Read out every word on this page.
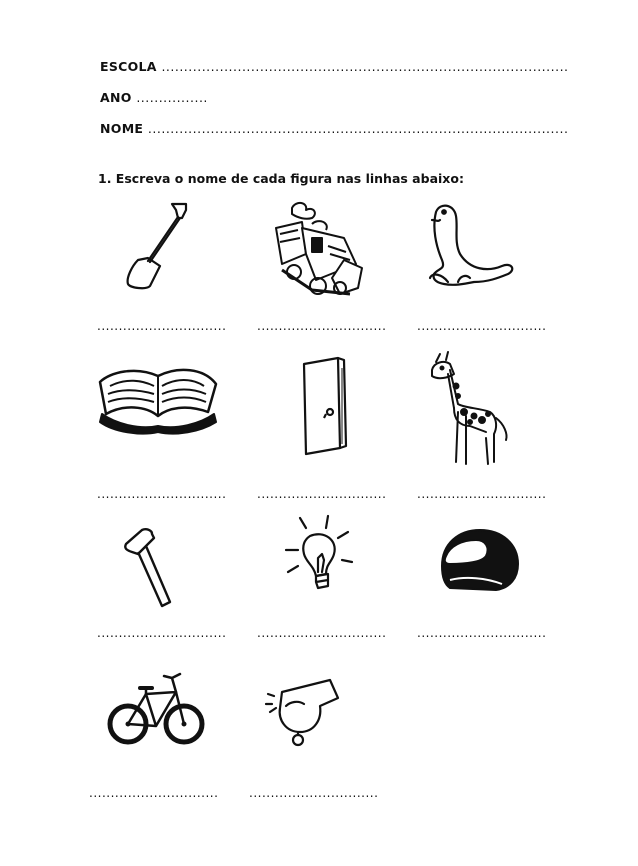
ESCOLA ...........................................................................................
ANO ................
NOME ..............................................................................................
1. Escreva o nome de cada figura nas linhas abaixo:
..............................	..............................	..............................
..............................	..............................	..............................
..............................	..............................	..............................
..............................	..............................
